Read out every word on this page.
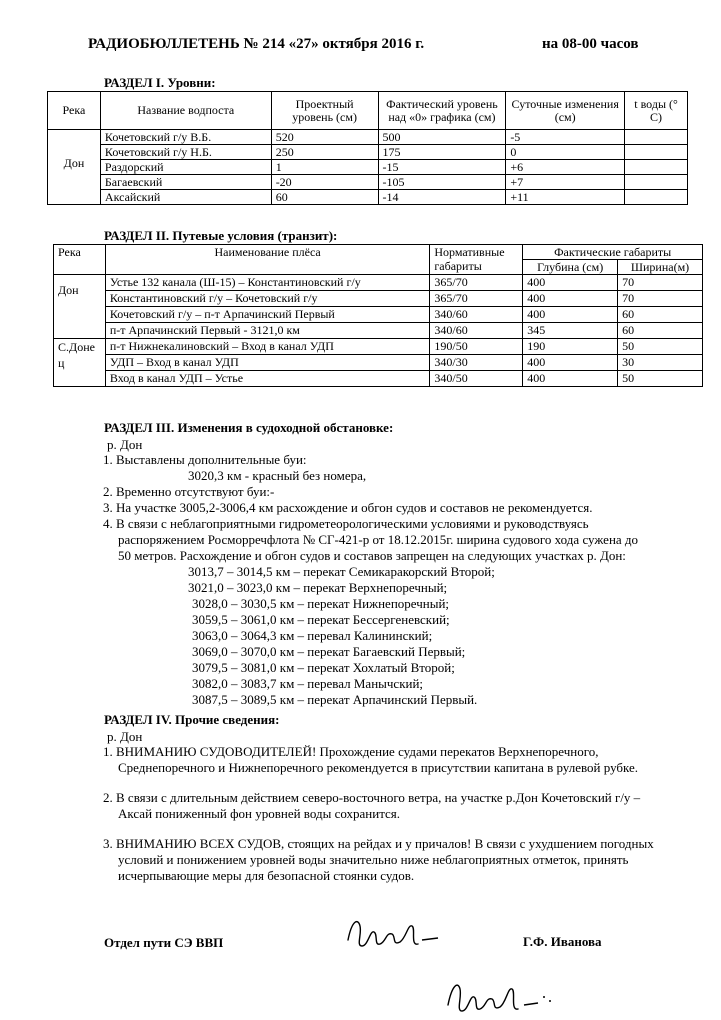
РАДИОБЮЛЛЕТЕНЬ № 214 «27» октября 2016 г.	на 08-00 часов
РАЗДЕЛ I. Уровни:
Река	Название водпоста	Проектный уровень (см)	Фактический уровень над «0» графика (см)	Суточные изменения (см)	t воды (° С)
Дон	Кочетовский г/у В.Б.	520	500	-5	
	Кочетовский г/у Н.Б.	250	175	0	
	Раздорский	1	-15	+6	
	Багаевский	-20	-105	+7	
	Аксайский	60	-14	+11	
РАЗДЕЛ II. Путевые условия (транзит):
Река	Наименование плёса	Нормативные габариты	Фактические габариты	
			Глубина (см)	Ширина(м)
Дон	Устье 132 канала (Ш-15) – Константиновский г/у	365/70	400	70
	Константиновский г/у – Кочетовский г/у	365/70	400	70
	Кочетовский г/у – п-т Арпачинский Первый	340/60	400	60
	п-т Арпачинский Первый - 3121,0 км	340/60	345	60
С.Донец	п-т Нижнекалиновский – Вход в канал УДП	190/50	190	50
	УДП – Вход в канал УДП	340/30	400	30
	Вход в канал УДП – Устье	340/50	400	50
РАЗДЕЛ III. Изменения в судоходной обстановке:
р. Дон
1. Выставлены дополнительные буи:
3020,3 км - красный без номера,
2. Временно отсутствуют буи:-
3. На участке 3005,2-3006,4 км расхождение и обгон судов и составов не рекомендуется.
4. В связи с неблагоприятными гидрометеорологическими условиями и руководствуясь
распоряжением Росморречфлота № СГ-421-р от 18.12.2015г. ширина судового хода сужена до
50 метров. Расхождение и обгон судов и составов запрещен на следующих участках р. Дон:
3013,7 – 3014,5 км – перекат Семикаракорский Второй;
3021,0 – 3023,0 км – перекат Верхнепоречный;
3028,0 – 3030,5 км – перекат Нижнепоречный;
3059,5 – 3061,0 км – перекат Бессергеневский;
3063,0 – 3064,3 км – перевал Калининский;
3069,0 – 3070,0 км – перекат Багаевский Первый;
3079,5 – 3081,0 км – перекат Хохлатый Второй;
3082,0 – 3083,7 км – перевал Манычский;
3087,5 – 3089,5 км – перекат Арпачинский Первый.
РАЗДЕЛ IV. Прочие сведения:
р. Дон
1. ВНИМАНИЮ СУДОВОДИТЕЛЕЙ! Прохождение судами перекатов Верхнепоречного,
Среднепоречного и Нижнепоречного рекомендуется в присутствии капитана в рулевой рубке.
2. В связи с длительным действием северо-восточного ветра, на участке р.Дон Кочетовский г/у –
Аксай пониженный фон уровней воды сохранится.
3. ВНИМАНИЮ ВСЕХ СУДОВ, стоящих на рейдах и у причалов! В связи с ухудшением погодных
условий и понижением уровней воды значительно ниже неблагоприятных отметок, принять
исчерпывающие меры для безопасной стоянки судов.
Отдел пути СЭ ВВП	Г.Ф. Иванова
